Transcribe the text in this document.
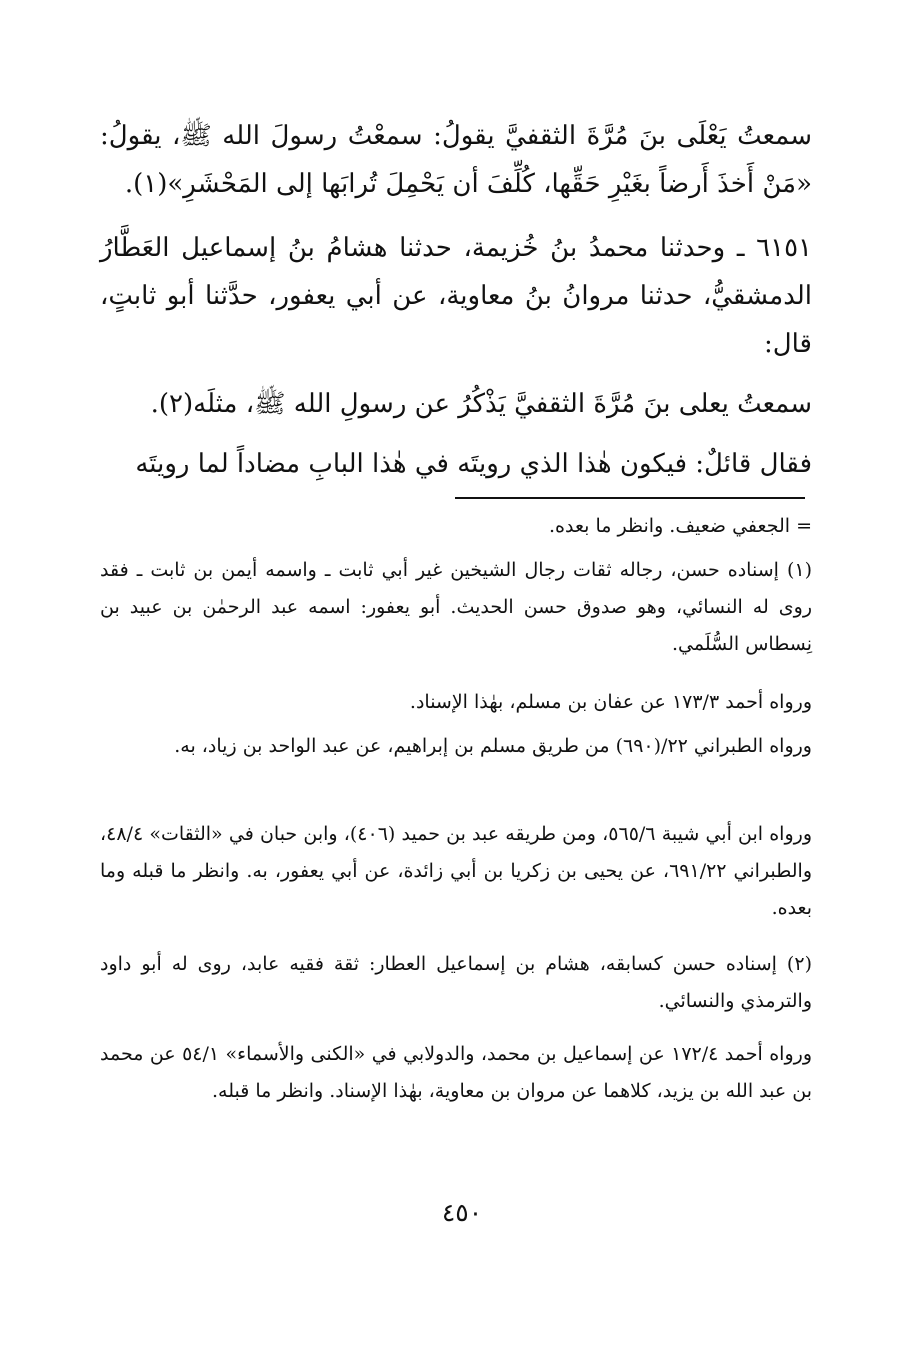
سمعتُ يَعْلَى بنَ مُرَّةَ الثقفيَّ يقولُ: سمعْتُ رسولَ الله ﷺ، يقولُ: «مَنْ أَخذَ أَرضاً بغَيْرِ حَقِّها، كُلِّفَ أن يَحْمِلَ تُرابَها إلى المَحْشَرِ»(١).
٦١٥١ ـ وحدثنا محمدُ بنُ خُزيمة، حدثنا هشامُ بنُ إسماعيل العَطَّارُ الدمشقيُّ، حدثنا مروانُ بنُ معاوية، عن أبي يعفور، حدَّثنا أبو ثابتٍ، قال:
سمعتُ يعلى بنَ مُرَّةَ الثقفيَّ يَذْكُرُ عن رسولِ الله ﷺ، مثلَه(٢).
فقال قائلٌ: فيكون هٰذا الذي رويتَه في هٰذا البابِ مضاداً لما رويتَه
= الجعفي ضعيف. وانظر ما بعده.
(١) إسناده حسن، رجاله ثقات رجال الشيخين غير أبي ثابت ـ واسمه أيمن بن ثابت ـ فقد روى له النسائي، وهو صدوق حسن الحديث. أبو يعفور: اسمه عبد الرحمٰن بن عبيد بن نِسطاس السُّلَمي.
ورواه أحمد ١٧٣/٣ عن عفان بن مسلم، بهٰذا الإسناد.
ورواه الطبراني ٢٢/(٦٩٠) من طريق مسلم بن إبراهيم، عن عبد الواحد بن زياد، به.
ورواه ابن أبي شيبة ٥٦٥/٦، ومن طريقه عبد بن حميد (٤٠٦)، وابن حبان في «الثقات» ٤٨/٤، والطبراني ٦٩١/٢٢، عن يحيى بن زكريا بن أبي زائدة، عن أبي يعفور، به. وانظر ما قبله وما بعده.
(٢) إسناده حسن كسابقه، هشام بن إسماعيل العطار: ثقة فقيه عابد، روى له أبو داود والترمذي والنسائي.
ورواه أحمد ١٧٢/٤ عن إسماعيل بن محمد، والدولابي في «الكنى والأسماء» ٥٤/١ عن محمد بن عبد الله بن يزيد، كلاهما عن مروان بن معاوية، بهٰذا الإسناد. وانظر ما قبله.
٤٥٠
